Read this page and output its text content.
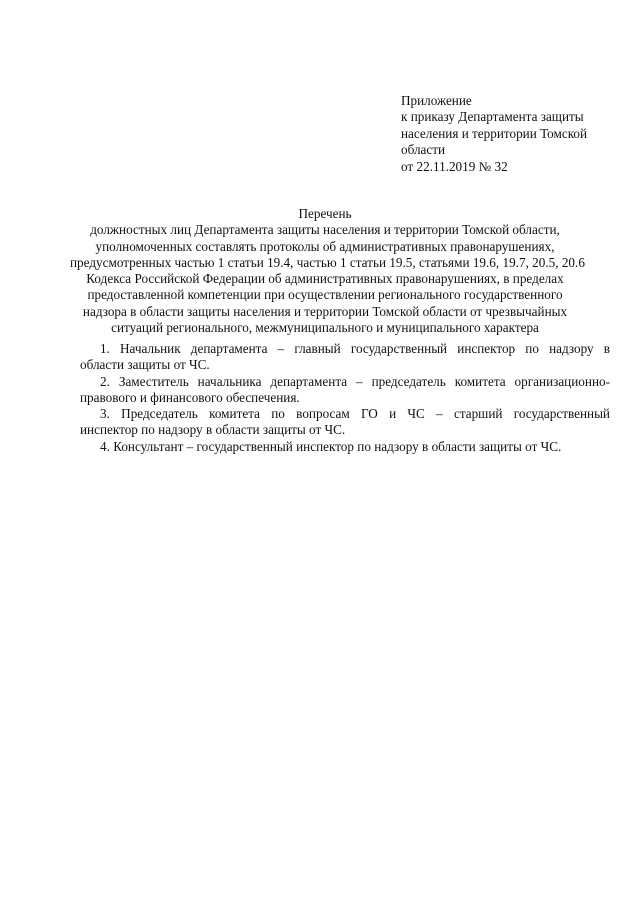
Приложение
к приказу Департамента защиты
населения и территории Томской
области
от 22.11.2019 № 32
Перечень
должностных лиц Департамента защиты населения и территории Томской области,
уполномоченных составлять протоколы об административных правонарушениях,
предусмотренных частью 1 статьи 19.4, частью 1 статьи 19.5, статьями 19.6, 19.7, 20.5, 20.6
Кодекса Российской Федерации об административных правонарушениях, в пределах
предоставленной компетенции при осуществлении регионального государственного
надзора в области защиты населения и территории Томской области от чрезвычайных
ситуаций регионального, межмуниципального и муниципального характера
1. Начальник департамента – главный государственный инспектор по надзору в
области защиты от ЧС.
2. Заместитель начальника департамента – председатель комитета организационно-
правового и финансового обеспечения.
3. Председатель комитета по вопросам ГО и ЧС – старший государственный
инспектор по надзору в области защиты от ЧС.
4. Консультант – государственный инспектор по надзору в области защиты от ЧС.
